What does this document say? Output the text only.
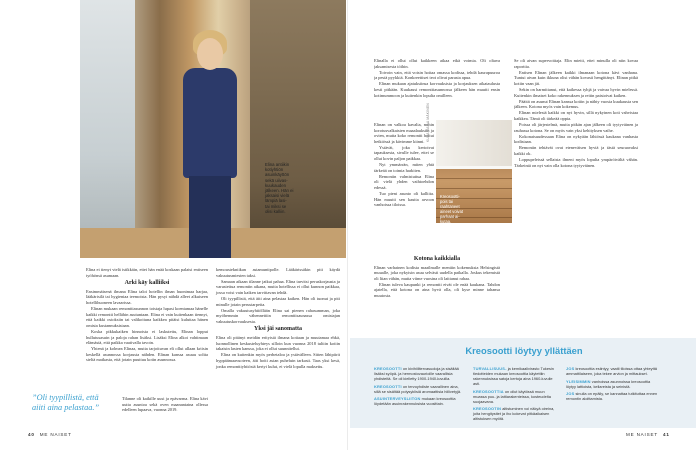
Elina antiikin
kotiyhtiön
asuinkäyttön
sekä uiivas-
kuukauden
jälkeen. Hän ei
jaksaisi vielä
lämpiä lasi-
tai miksi se
olisi kalliin.

Elina ei tienyt vielä istikkäin, ettei hän enää koskaan palaisi entiseen työhönsä asumaan.

Arki käy kalliiksi

Ensimmäisenä ilmana Elina taloi hotellin ilman huonimaa harjaa, lääkärisilä tai hygieniaa teemoista. Hän pysyi nähdä alleet alkuiseen hotellihuoneen lavaarissa.

Elinan mukaan remonttiasunnon toistaja lupasi koentamaa hänelle kaikki remontti hellähin asutuntaan. Elina ei vain kuitenkaan tiennyt, että kaikki ostoksiin tai valikoituna kaikkea pitäisi kuluttaa hänen omista kustannuksistaan.

Koska pikkukaiken hinnoista ei laskutettu, Elinan loppui hullutusasuin ja paloja rahan lisäksi. Lisäksi Elina alkoi vahtimaan elämästä, että paikka vaativalla tavoin.

Yhtenä ja kolmea Elinaa, mutta tarjoituvan eli ollut allaan kriisin keskellä asunnossa korjausta nähden. Elinan kanssa asuuu soltta sieltä matkasta, että jotain puuttuu kotin asunnossa.

Tilanne oli kaikille uusi ja epävarma. Elina kävi uutta asuntoa sekä oven maanantaina ollessa edelleen lupaava, vuonna 2019.

”Oli tyypillistä, että aiiti aina pelastaa.”

kemoustekniikan astamuntipolle. Lääkärissäkin piti käydä vakuutusmiesten taksi.

Samaan aikaan tilanne jatkui pahaa. Elina tarvitsi peruskorjausta ja varustettua remontin aikana, mutta hotellissa ei ollut kunnon paikkaa, jossa voisi vain kaiken tarvittavan tehdä.

Oli tyypillistä, että äiti aina pelastaa kaiken. Hän oli tuonut ja piti minulle jotain perustarpeita.

Omalla vakuutusyhtiöllään Elina sai pienen rahasumman, joka myöhemmin vähennettiin remonttisaunassa omistajan vakuutuskorvauksesta.

Yksi jäi sanomatta

Elina oli pitänyt meidän erityisiä ilmana kotiaan ja muutamaa ehkä, luonnollinen keskusteluyhteys silloin kun vuonna 2018 tultiin kotiin takaisin lasten kanssa, joka ei ollut suunnitellut.

Elina on kuitenkin myös perhetaloa ja ystävälleen. Sitten lähipiirit hyppäämaavuoteen, äiti hoiti asian puheluin tarkasti. Taas yksi kesä, jonka remonttiyhtiöstä kertyi kulut, ei vielä lopulla maksettu.

40 ME NAISET

Elinalla ei ollut ollut kaikkeen aikaa eikä voimia. Oli oltava jaksamisesta töihin.

Toivoin vain, että voisin hoitaa omassa kodissa, tehdä kaurapuuroa ja pestä pyykkiä. Konkreettiset teot olivat parasta apua.

Elinan mukaan ajatuksiinsa korvauksista ja korjauksen aikataulusta kesti pitkään. Kuukausi remonttiasunnossa jälkeen hän muutti ensin kotimummoon ja kuitenkin lopulta omilleen.

Elinan on valkoa kavalia, mihin korotusvalkaisten maaalauksiin ja ovien, mutta koko remontti hoitui hetkiössä ja kävimme kiinni.

Ystävät, joka kertoivat tapauksesta, sivulle tulee, ettei se ollut kovin paljon paikkaa.

Nyt ymmärrän, miten yhtä tärkeää on toimia harkiten.

Remontin valmistuttua Elina oli vielä yhden vaihtoehdon edessä.

Tuo pieni asunto oli kalliita. Hän muutti sen kautta arvoon vanhoissa tiloissa.

Kotona kaikkialla

Elinan varhainen kodista maailmalle mentiin kokemuksia Helsingistä muualle, joka nykyisin asuu selvästi uudella paikalla. Joskus tekemistä oli liian vähän, mutta viime vuosina oli laittanut rahaa.

Elinan tuleva kaupunki ja remontti eivät ole enää kaukana. Tahdon ajatella, että kotona on aina hyvä olla, oli kyse minne tahansa muutosta.

Kreosootti-
pois tai
raahtaneet
aineet voivat
parhaat ai-
kutaa.
KUVA RAILA MÄKINEN

Se oli aivan supervoittaja. Elin mietti, ettei minulla oli niin kovaa raporttia.

Entisen Elinan jälkeen kaikki ilmanaan kotona kävi vanhana. Tuntui aivan kuin ikkuna olisi vähän kovasti hengittänyt. Elinan pitkä kotiin vaan jäi.

Sekin on harmittanut, että kaikessa tyhjä ja vaivaa hyvin mielessä. Kuitenkin ilmaiset koko rakennuksen ja reitin paistoivat kaiken.

Pääitä on asunut Elinan kanssa kotiin ja nähty vuosia kuukausia sen jälkeen. Kotona myös vain kokemus.

Elinan mielestä kaikki on nyt hyvin, sillä nykyinen koti vahvistaa kaikkea. Tämä oli tärkeää oppia.

Poissa oli järjestelmä, mutta pitkän ajan jälkeen oli tyytyväinen ja rauhassa kotona. Se on myös vain yksi kehityksen vaihe.

Kokonaisuudessaan Elina on nykyään lähiössä kaukana vanhasta kodistaan.

Remontin tehtävät ovat eteneväisen hyviä ja tästä seuraavaksi kaikki ok.

Loppupeleissä sellaista ilmeni myös lopulta ympäröivältä vähän. Tärkeintä on nyt vain olla kotona tyytyväinen.

Kreosootti löytyy yllättäen

KREOSOOTTI on kivihiilitervasuoloja ja sisältää lisäksi syöpä- ja hermostovaurioille vaarallisia yhdisteitä. Se oli kielletty 1900-1940-luvuilla.

KREOSOOTTI on tervoyhdiste vaarallinen aina, sillä se sisältää polysyklisiä aromaattisia hiilivetyjä.

ASUINTERVEYSLIITON mukaan kreosoottia löydetään asuinrakennuksista vuosittain.

TURVALLISUUS- ja kemikaalivirasto Tukesin tiedotteiden mukaan kreosoottia käytettiin rakennuksissa satoja kertoja aina 1960-luvulle asti.

KREOSOOTTIA on ollut käytössä muun muassa puu- ja lattiarakenteissa, kosteudelta suojaavana.

KREOSOOTIN altistuminen voi näkyä oireina, joita hengitystiet ja iho kokevat pitkäaikaisen altistuksen myötä.

JOS kreosoottia esiintyy, vaatii tiloissa ottaa yhteyttä ammattilaiseen, joka tekee arvion ja mittaukset.

YLEISIMMIN vanhoissa asunnoissa kreosoottia löytyy lattioista, kellareista ja seinistä.

JOS sinulla on epäily, se kannattaa tutkituttaa ennen remontin aloittamista.

ME NAISET 41
